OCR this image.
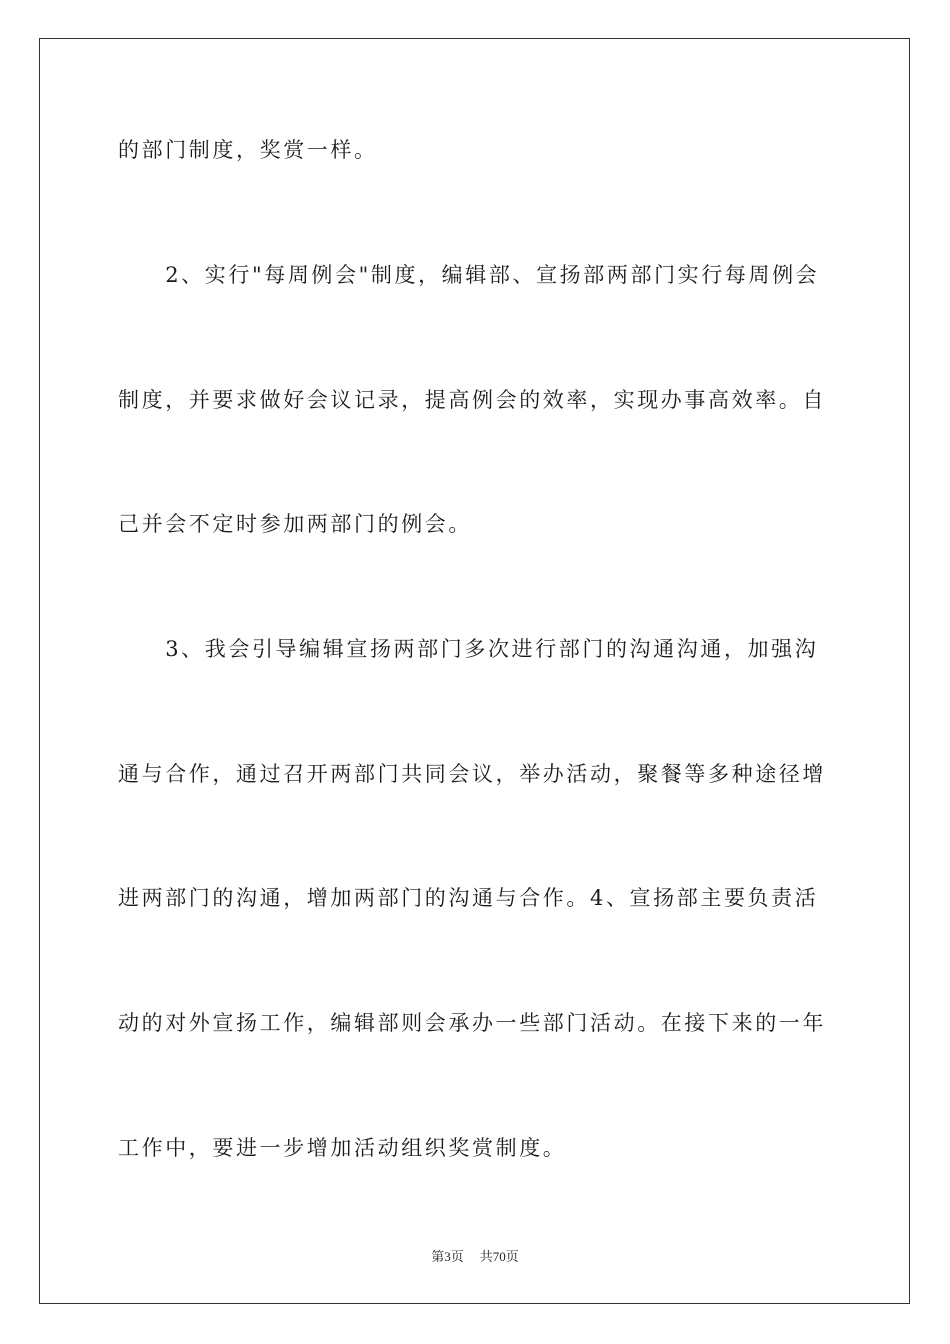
的部门制度，奖赏一样。
　　2、实行"每周例会"制度，编辑部、宣扬部两部门实行每周例会
制度，并要求做好会议记录，提高例会的效率，实现办事高效率。自
己并会不定时参加两部门的例会。
　　3、我会引导编辑宣扬两部门多次进行部门的沟通沟通，加强沟
通与合作，通过召开两部门共同会议，举办活动，聚餐等多种途径增
进两部门的沟通，增加两部门的沟通与合作。4、宣扬部主要负责活
动的对外宣扬工作，编辑部则会承办一些部门活动。在接下来的一年
工作中，要进一步增加活动组织奖赏制度。
第3页 共70页
